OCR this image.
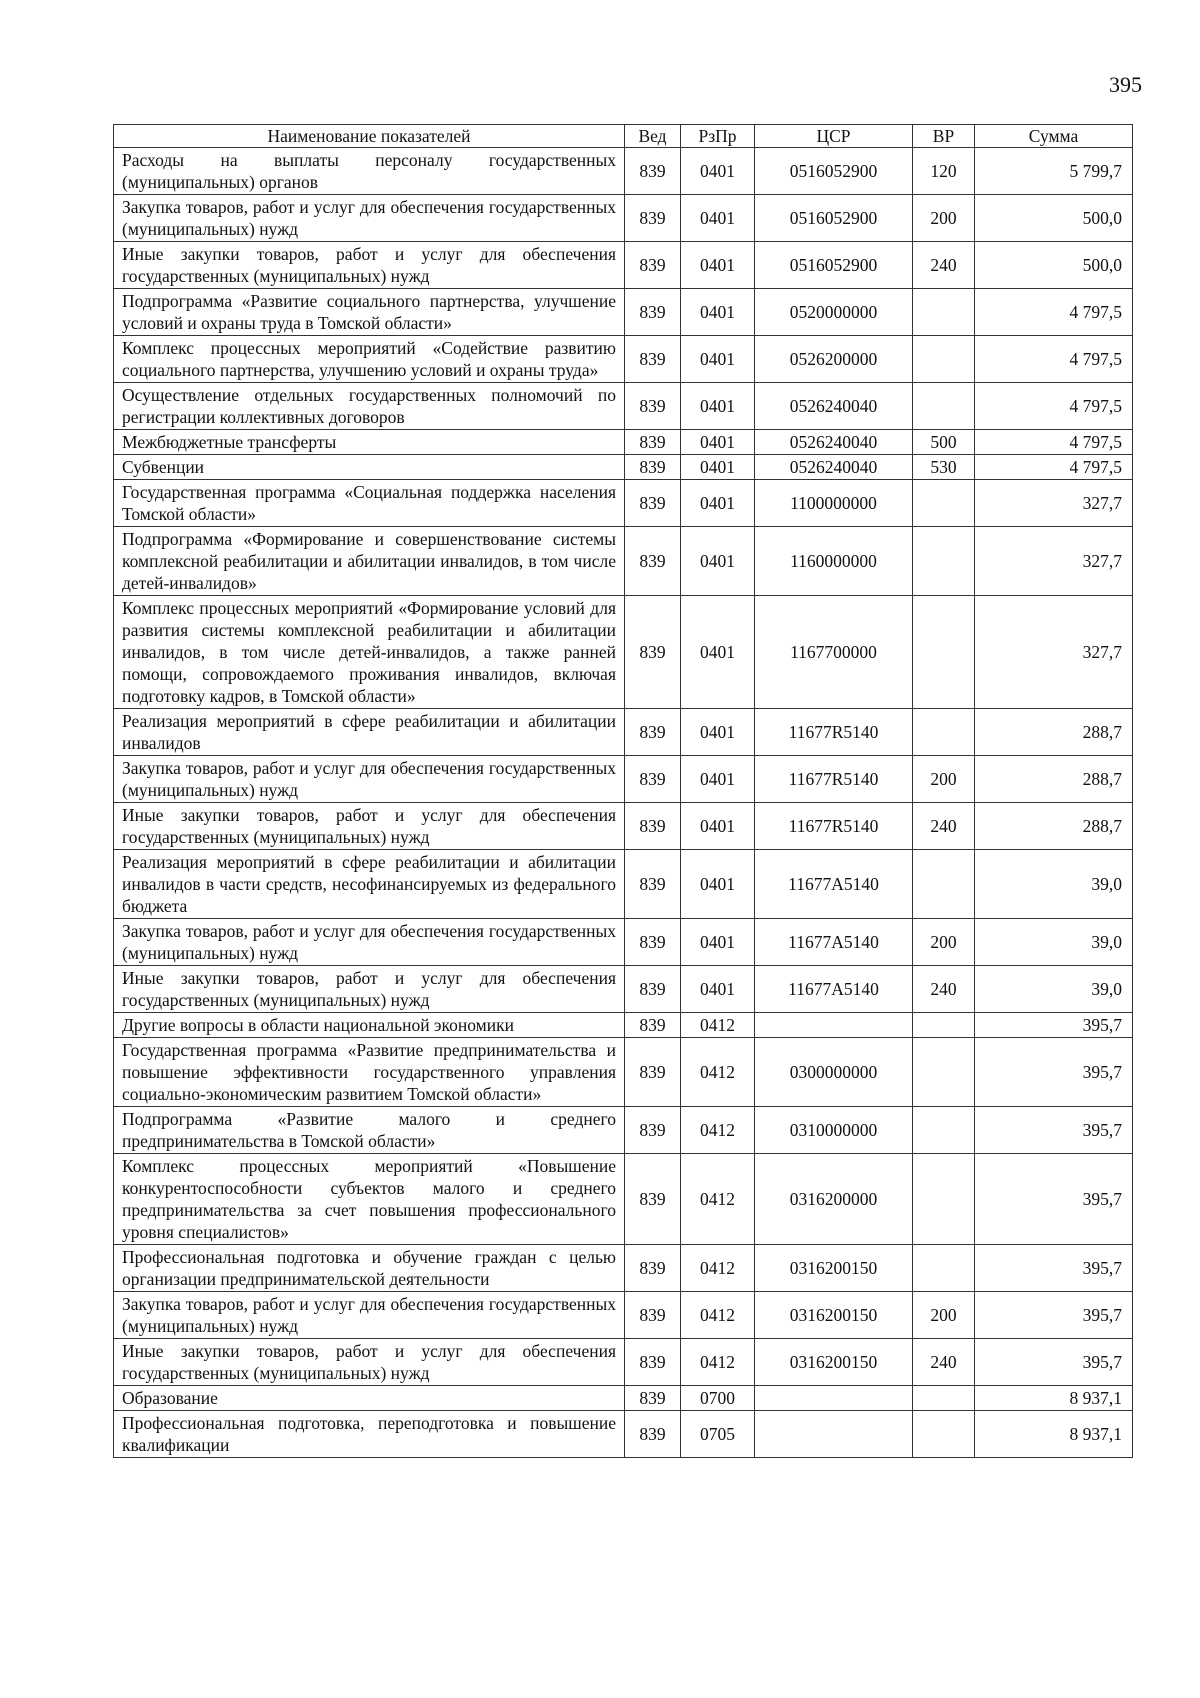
395
Наименование показателей	Вед	РзПр	ЦСР	ВР	Сумма
Расходы на выплаты персоналу государственных (муниципальных) органов	839	0401	0516052900	120	5 799,7
Закупка товаров, работ и услуг для обеспечения государственных (муниципальных) нужд	839	0401	0516052900	200	500,0
Иные закупки товаров, работ и услуг для обеспечения государственных (муниципальных) нужд	839	0401	0516052900	240	500,0
Подпрограмма «Развитие социального партнерства, улучшение условий и охраны труда в Томской области»	839	0401	0520000000		4 797,5
Комплекс процессных мероприятий «Содействие развитию социального партнерства, улучшению условий и охраны труда»	839	0401	0526200000		4 797,5
Осуществление отдельных государственных полномочий по регистрации коллективных договоров	839	0401	0526240040		4 797,5
Межбюджетные трансферты	839	0401	0526240040	500	4 797,5
Субвенции	839	0401	0526240040	530	4 797,5
Государственная программа «Социальная поддержка населения Томской области»	839	0401	1100000000		327,7
Подпрограмма «Формирование и совершенствование системы комплексной реабилитации и абилитации инвалидов, в том числе детей-инвалидов»	839	0401	1160000000		327,7
Комплекс процессных мероприятий «Формирование условий для развития системы комплексной реабилитации и абилитации инвалидов, в том числе детей-инвалидов, а также ранней помощи, сопровождаемого проживания инвалидов, включая подготовку кадров, в Томской области»	839	0401	1167700000		327,7
Реализация мероприятий в сфере реабилитации и абилитации инвалидов	839	0401	11677R5140		288,7
Закупка товаров, работ и услуг для обеспечения государственных (муниципальных) нужд	839	0401	11677R5140	200	288,7
Иные закупки товаров, работ и услуг для обеспечения государственных (муниципальных) нужд	839	0401	11677R5140	240	288,7
Реализация мероприятий в сфере реабилитации и абилитации инвалидов в части средств, несофинансируемых из федерального бюджета	839	0401	11677A5140		39,0
Закупка товаров, работ и услуг для обеспечения государственных (муниципальных) нужд	839	0401	11677A5140	200	39,0
Иные закупки товаров, работ и услуг для обеспечения государственных (муниципальных) нужд	839	0401	11677A5140	240	39,0
Другие вопросы в области национальной экономики	839	0412			395,7
Государственная программа «Развитие предпринимательства и повышение эффективности государственного управления социально-экономическим развитием Томской области»	839	0412	0300000000		395,7
Подпрограмма «Развитие малого и среднего предпринимательства в Томской области»	839	0412	0310000000		395,7
Комплекс процессных мероприятий «Повышение конкурентоспособности субъектов малого и среднего предпринимательства за счет повышения профессионального уровня специалистов»	839	0412	0316200000		395,7
Профессиональная подготовка и обучение граждан с целью организации предпринимательской деятельности	839	0412	0316200150		395,7
Закупка товаров, работ и услуг для обеспечения государственных (муниципальных) нужд	839	0412	0316200150	200	395,7
Иные закупки товаров, работ и услуг для обеспечения государственных (муниципальных) нужд	839	0412	0316200150	240	395,7
Образование	839	0700			8 937,1
Профессиональная подготовка, переподготовка и повышение квалификации	839	0705			8 937,1
